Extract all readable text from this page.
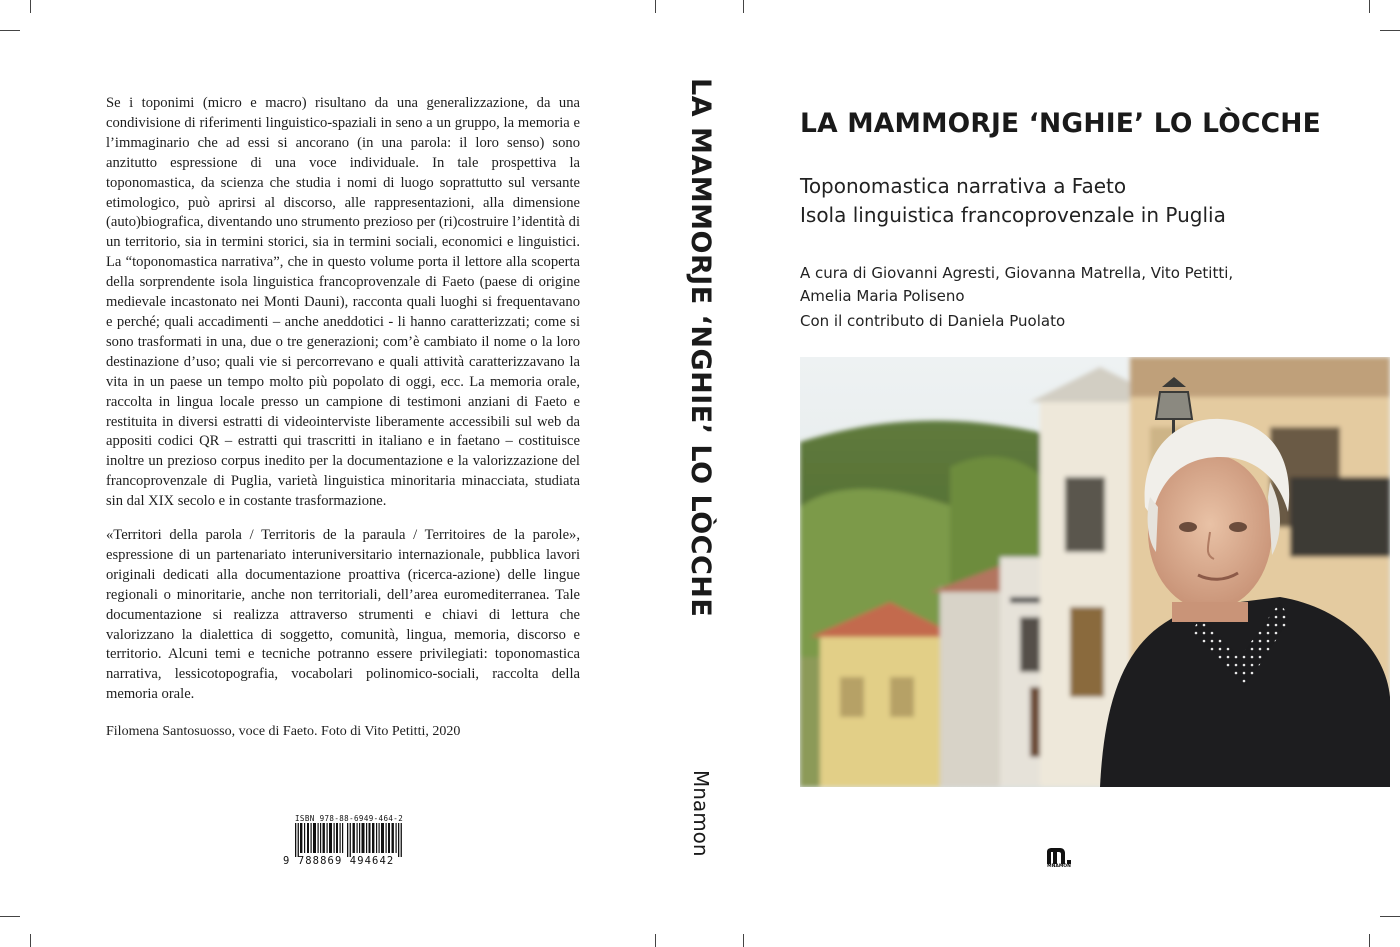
Se i toponimi (micro e macro) risultano da una generalizzazione, da una condivisione di riferimenti linguistico-spaziali in seno a un gruppo, la memoria e l’immaginario che ad essi si ancorano (in una parola: il loro senso) sono anzitutto espressione di una voce individuale. In tale prospettiva la toponomastica, da scienza che studia i nomi di luogo soprattutto sul versante etimologico, può aprirsi al discorso, alle rappresentazioni, alla dimensione (auto)biografica, diventando uno strumento prezioso per (ri)costruire l’identità di un territorio, sia in termini storici, sia in termini sociali, economici e linguistici. La “toponomastica narrativa”, che in questo volume porta il lettore alla scoperta della sorprendente isola linguistica francoprovenzale di Faeto (paese di origine medievale incastonato nei Monti Dauni), racconta quali luoghi si frequentavano e perché; quali accadimenti – anche aneddotici - li hanno caratterizzati; come si sono trasformati in una, due o tre generazioni; com’è cambiato il nome o la loro destinazione d’uso; quali vie si percorrevano e quali attività caratterizzavano la vita in un paese un tempo molto più popolato di oggi, ecc. La memoria orale, raccolta in lingua locale presso un campione di testimoni anziani di Faeto e restituita in diversi estratti di videointerviste liberamente accessibili sul web da appositi codici QR – estratti qui trascritti in italiano e in faetano – costituisce inoltre un prezioso corpus inedito per la documentazione e la valorizzazione del francoprovenzale di Puglia, varietà linguistica minoritaria minacciata, studiata sin dal XIX secolo e in costante trasformazione.

«Territori della parola / Territoris de la paraula / Territoires de la parole», espressione di un partenariato interuniversitario internazionale, pubblica lavori originali dedicati alla documentazione proattiva (ricerca-azione) delle lingue regionali o minoritarie, anche non territoriali, dell’area euromediterranea. Tale documentazione si realizza attraverso strumenti e chiavi di lettura che valorizzano la dialettica di soggetto, comunità, lingua, memoria, discorso e territorio. Alcuni temi e tecniche potranno essere privilegiati: toponomastica narrativa, lessicotopografia, vocabolari polinomico-sociali, raccolta della memoria orale.

Filomena Santosuosso, voce di Faeto. Foto di Vito Petitti, 2020

ISBN 978-88-6949-464-2
9 788869 494642
LA MAMMORJE ‘NGHIE’ LO LÒCCHE
Mnamon
LA MAMMORJE ‘NGHIE’ LO LÒCCHE
Toponomastica narrativa a Faeto
Isola linguistica francoprovenzale in Puglia
A cura di Giovanni Agresti, Giovanna Matrella, Vito Petitti,
Amelia Maria Poliseno
Con il contributo di Daniela Puolato
MNAMON
